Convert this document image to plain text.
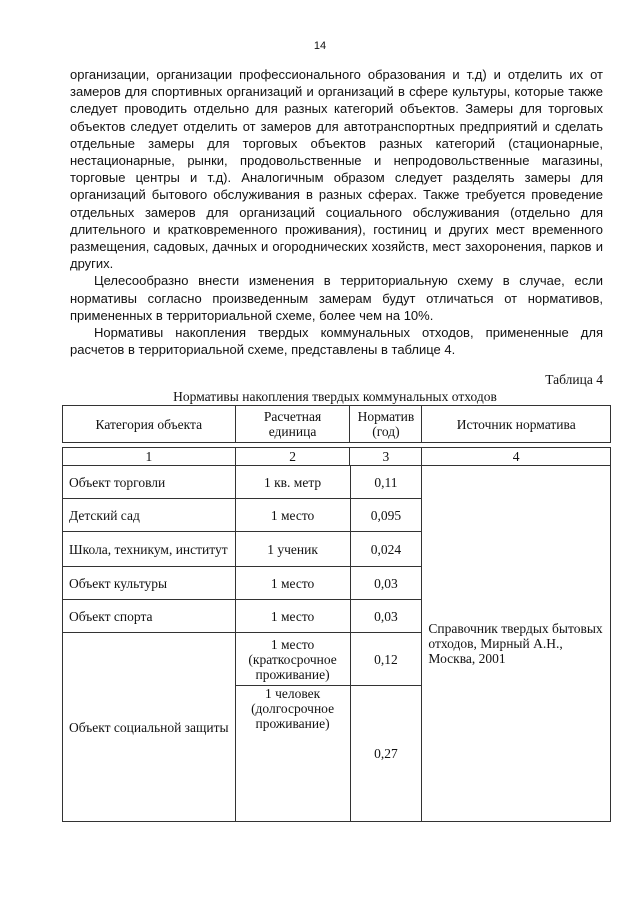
14

организации, организации профессионального образования и т.д) и отделить их от замеров для спортивных организаций и организаций в сфере культуры, которые также следует проводить отдельно для разных категорий объектов. Замеры для торговых объектов следует отделить от замеров для автотранспортных предприятий и сделать отдельные замеры для торговых объектов разных категорий (стационарные, нестационарные, рынки, продовольственные и непродовольственные магазины, торговые центры и т.д). Аналогичным образом следует разделять замеры для организаций бытового обслуживания в разных сферах. Также требуется проведение отдельных замеров для организаций социального обслуживания (отдельно для длительного и кратковременного проживания), гостиниц и других мест временного размещения, садовых, дачных и огороднических хозяйств, мест захоронения, парков и других.

Целесообразно внести изменения в территориальную схему в случае, если нормативы согласно произведенным замерам будут отличаться от нормативов, примененных в территориальной схеме, более чем на 10%.

Нормативы накопления твердых коммунальных отходов, примененные для расчетов в территориальной схеме, представлены в таблице 4.

Таблица 4
Нормативы накопления твердых коммунальных отходов
Категория объекта	Расчетная единица	Норматив (год)	Источник норматива
1	2	3	4
Объект торговли	1 кв. метр	0,11	Справочник твердых бытовых отходов, Мирный А.Н., Москва, 2001
Детский сад	1 место	0,095	
Школа, техникум, институт	1 ученик	0,024	
Объект культуры	1 место	0,03	
Объект спорта	1 место	0,03	
Объект социальной защиты	1 место (краткосрочное проживание)	0,12	
	1 человек (долгосрочное проживание)	0,27	
